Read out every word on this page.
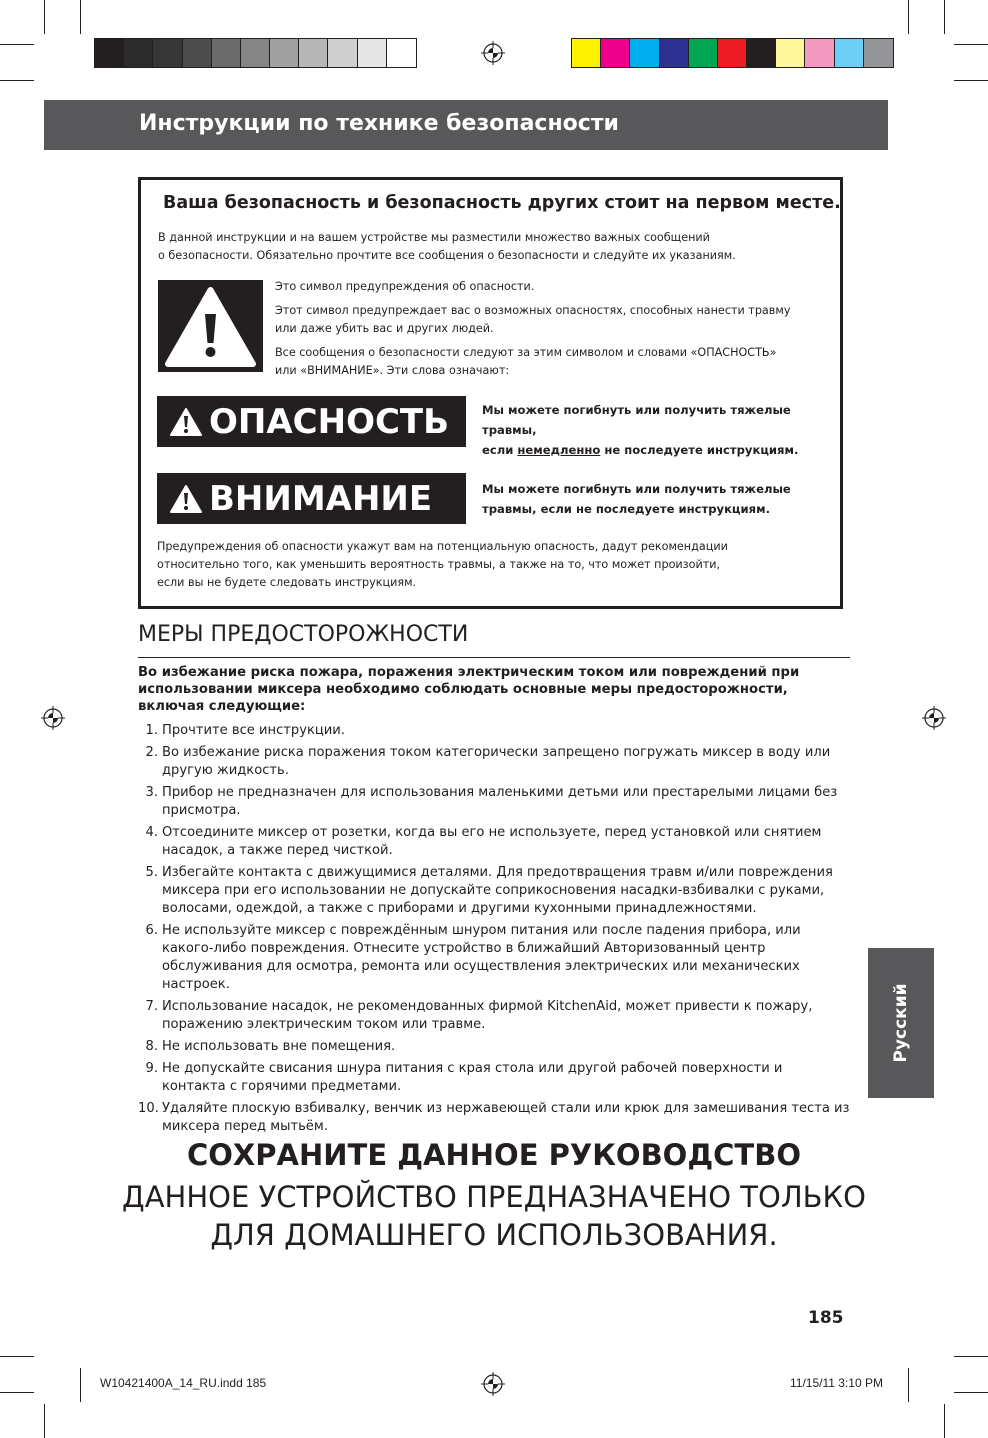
Инструкции по технике безопасности
Ваша безопасность и безопасность других стоит на первом месте.
В данной инструкции и на вашем устройстве мы разместили множество важных сообщений
о безопасности. Обязательно прочтите все сообщения о безопасности и следуйте их указаниям.

Это символ предупреждения об опасности.

Этот символ предупреждает вас о возможных опасностях, способных нанести травму
или даже убить вас и других людей.

Все сообщения о безопасности следуют за этим символом и словами «ОПАСНОСТЬ»
или «ВНИМАНИЕ». Эти слова означают:

ОПАСНОСТЬ	Мы можете погибнуть или получить тяжелые травмы,
если немедленно не последуете инструкциям.
ВНИМАНИЕ	Мы можете погибнуть или получить тяжелые
травмы, если не последуете инструкциям.
Предупреждения об опасности укажут вам на потенциальную опасность, дадут рекомендации
относительно того, как уменьшить вероятность травмы, а также на то, что может произойти,
если вы не будете следовать инструкциям.
МЕРЫ ПРЕДОСТОРОЖНОСТИ
Во избежание риска пожара, поражения электрическим током или повреждений при
использовании миксера необходимо соблюдать основные меры предосторожности,
включая следующие:
1. Прочтите все инструкции.
2. Во избежание риска поражения током категорически запрещено погружать миксер в воду или другую жидкость.
3. Прибор не предназначен для использования маленькими детьми или престарелыми лицами без присмотра.
4. Отсоедините миксер от розетки, когда вы его не используете, перед установкой или снятием насадок, а также перед чисткой.
5. Избегайте контакта с движущимися деталями. Для предотвращения травм и/или повреждения миксера при его использовании не допускайте соприкосновения насадки-взбивалки с руками, волосами, одеждой, а также с приборами и другими кухонными принадлежностями.
6. Не используйте миксер с повреждённым шнуром питания или после падения прибора, или какого-либо повреждения. Отнесите устройство в ближайший Авторизованный центр обслуживания для осмотра, ремонта или осуществления электрических или механических настроек.
7. Использование насадок, не рекомендованных фирмой KitchenAid, может привести к пожару, поражению электрическим током или травме.
8. Не использовать вне помещения.
9. Не допускайте свисания шнура питания с края стола или другой рабочей поверхности и контакта с горячими предметами.
10. Удаляйте плоскую взбивалку, венчик из нержавеющей стали или крюк для замешивания теста из миксера перед мытьём.
Русский
СОХРАНИТЕ ДАННОЕ РУКОВОДСТВО
ДАННОЕ УСТРОЙСТВО ПРЕДНАЗНАЧЕНО ТОЛЬКО
ДЛЯ ДОМАШНЕГО ИСПОЛЬЗОВАНИЯ.
185
W10421400A_14_RU.indd 185	11/15/11 3:10 PM
